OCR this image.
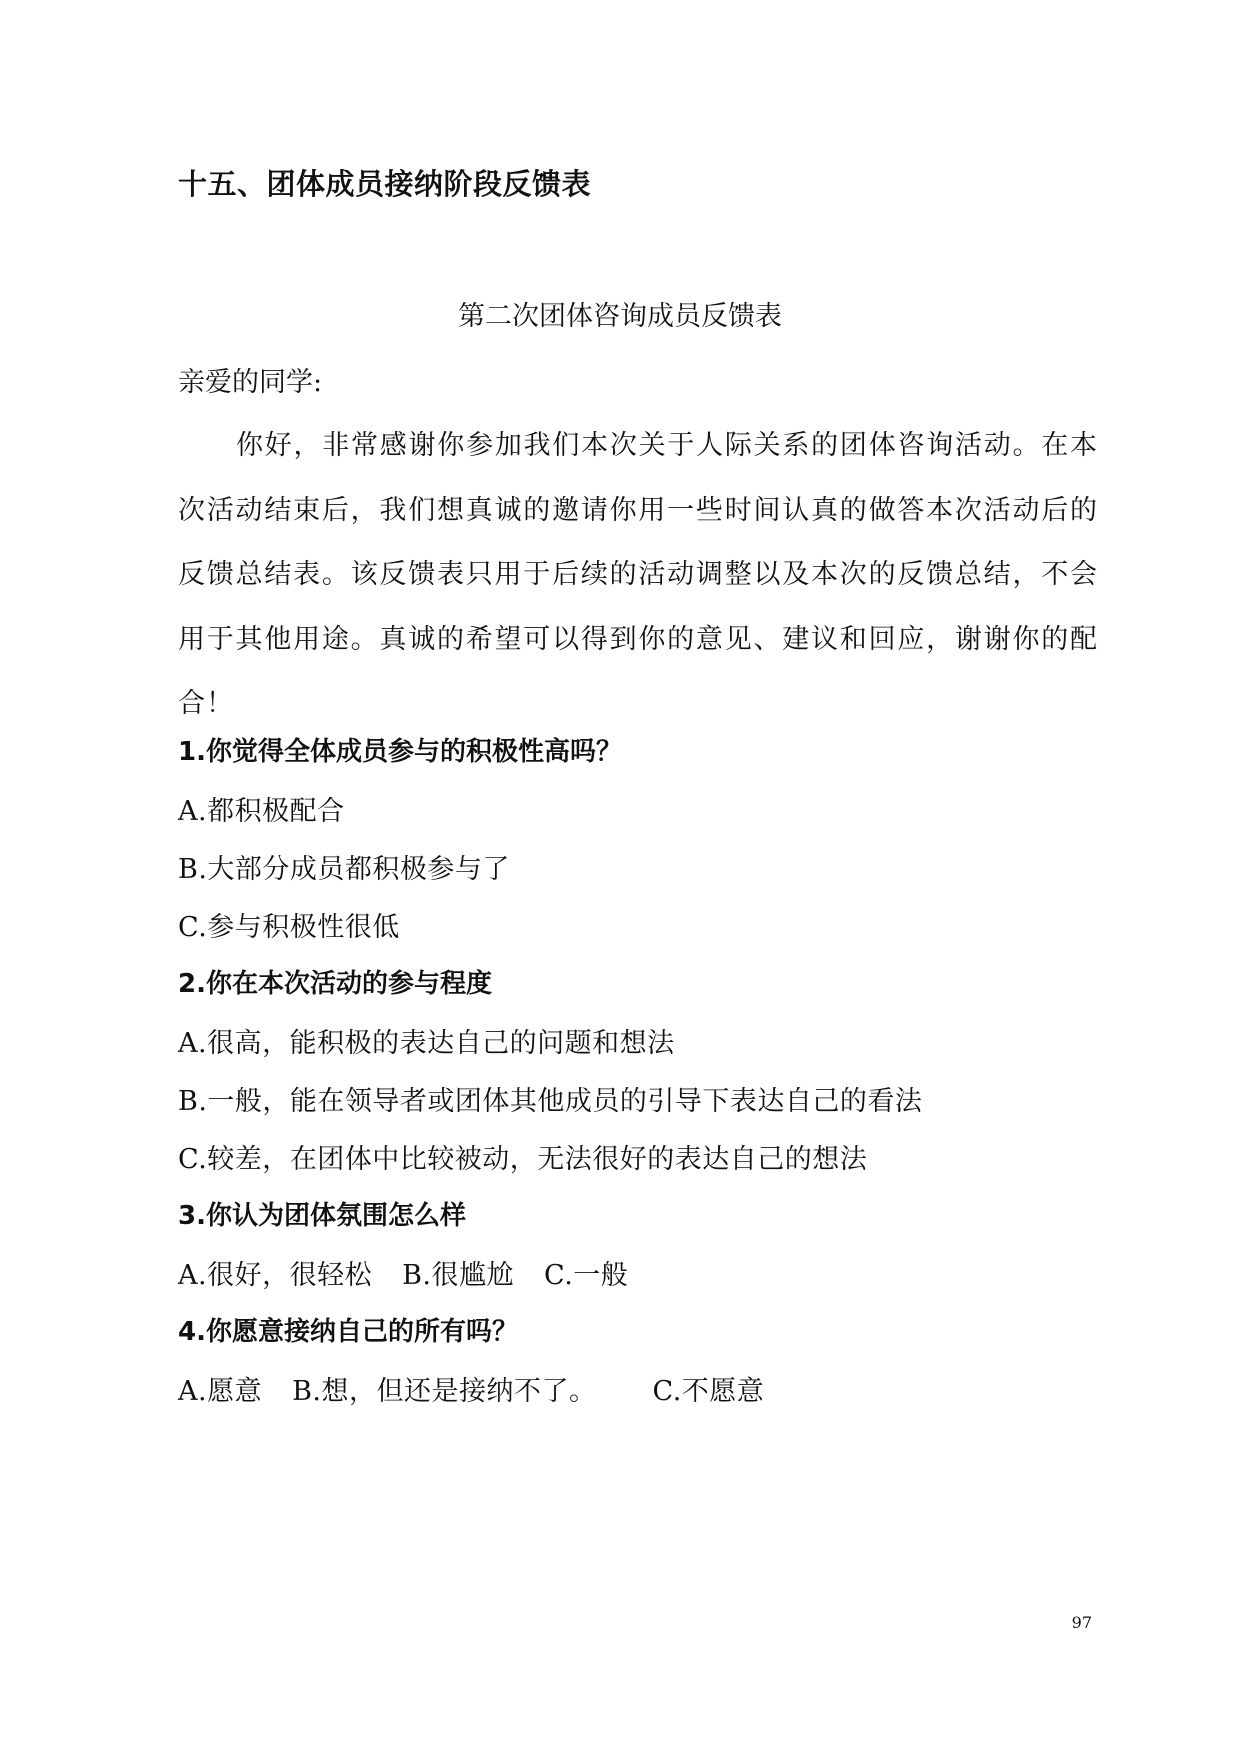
十五、团体成员接纳阶段反馈表
第二次团体咨询成员反馈表

亲爱的同学:

你好，非常感谢你参加我们本次关于人际关系的团体咨询活动。在本次活动结束后，我们想真诚的邀请你用一些时间认真的做答本次活动后的反馈总结表。该反馈表只用于后续的活动调整以及本次的反馈总结，不会用于其他用途。真诚的希望可以得到你的意见、建议和回应，谢谢你的配合！

1.你觉得全体成员参与的积极性高吗？

A.都积极配合

B.大部分成员都积极参与了

C.参与积极性很低

2.你在本次活动的参与程度

A.很高，能积极的表达自己的问题和想法

B.一般，能在领导者或团体其他成员的引导下表达自己的看法

C.较差，在团体中比较被动，无法很好的表达自己的想法

3.你认为团体氛围怎么样

A.很好，很轻松 B.很尴尬 C.一般

4.你愿意接纳自己的所有吗？

A.愿意 B.想，但还是接纳不了。 C.不愿意

97
